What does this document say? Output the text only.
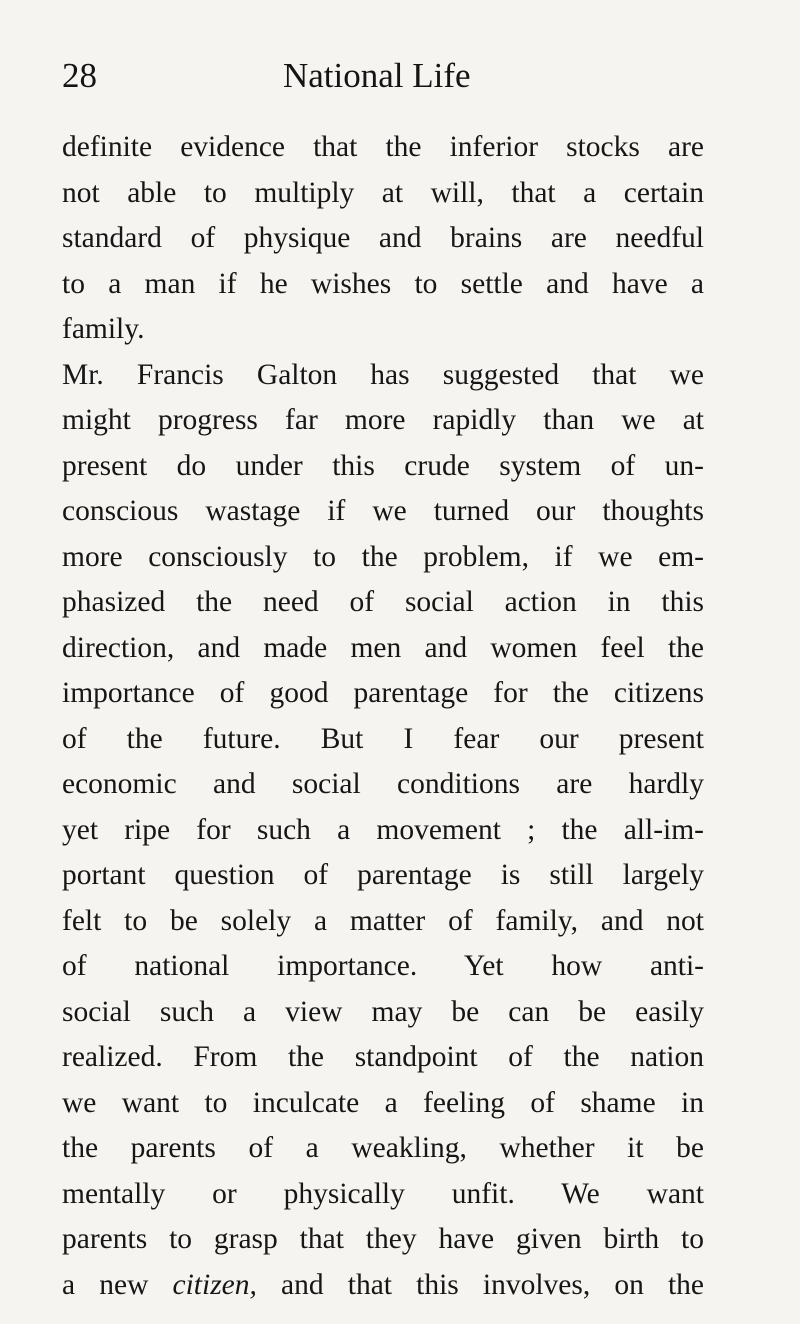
28	National Life
definite evidence that the inferior stocks are
not able to multiply at will, that a certain
standard of physique and brains are needful
to a man if he wishes to settle and have a
family.
Mr. Francis Galton has suggested that we
might progress far more rapidly than we at
present do under this crude system of un-
conscious wastage if we turned our thoughts
more consciously to the problem, if we em-
phasized the need of social action in this
direction, and made men and women feel the
importance of good parentage for the citizens
of the future. But I fear our present
economic and social conditions are hardly
yet ripe for such a movement ; the all-im-
portant question of parentage is still largely
felt to be solely a matter of family, and not
of national importance. Yet how anti-
social such a view may be can be easily
realized. From the standpoint of the nation
we want to inculcate a feeling of shame in
the parents of a weakling, whether it be
mentally or physically unfit. We want
parents to grasp that they have given birth to
a new citizen, and that this involves, on the
